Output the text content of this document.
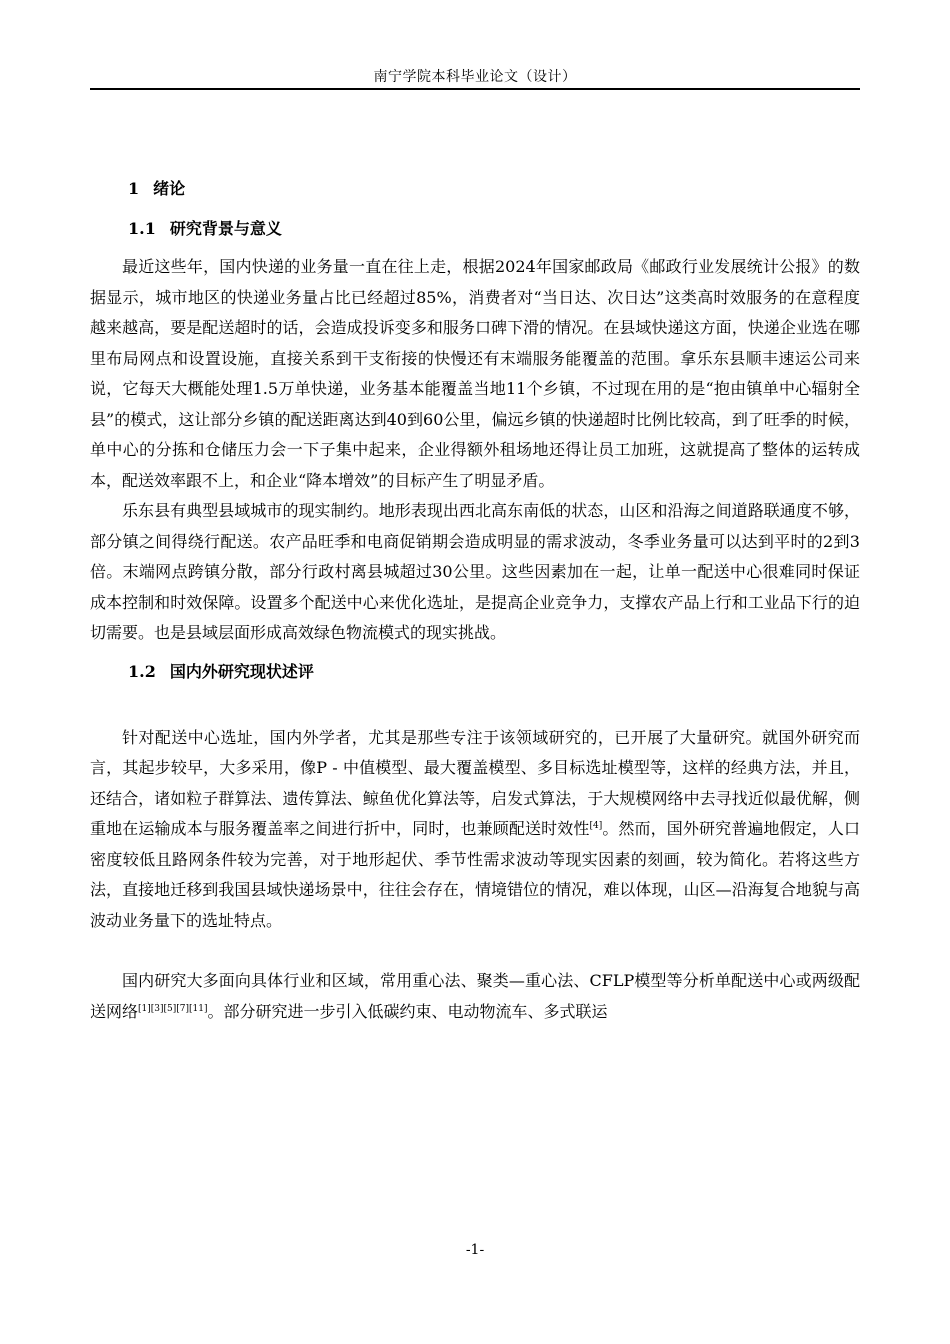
南宁学院本科毕业论文（设计）
1 绪论
1.1 研究背景与意义

最近这些年，国内快递的业务量一直在往上走，根据2024年国家邮政局《邮政行业发展统计公报》的数据显示，城市地区的快递业务量占比已经超过85%，消费者对“当日达、次日达”这类高时效服务的在意程度越来越高，要是配送超时的话，会造成投诉变多和服务口碑下滑的情况。在县域快递这方面，快递企业选在哪里布局网点和设置设施，直接关系到干支衔接的快慢还有末端服务能覆盖的范围。拿乐东县顺丰速运公司来说，它每天大概能处理1.5万单快递，业务基本能覆盖当地11个乡镇，不过现在用的是“抱由镇单中心辐射全县”的模式，这让部分乡镇的配送距离达到40到60公里，偏远乡镇的快递超时比例比较高，到了旺季的时候，单中心的分拣和仓储压力会一下子集中起来，企业得额外租场地还得让员工加班，这就提高了整体的运转成本，配送效率跟不上，和企业“降本增效”的目标产生了明显矛盾。

乐东县有典型县域城市的现实制约。地形表现出西北高东南低的状态，山区和沿海之间道路联通度不够，部分镇之间得绕行配送。农产品旺季和电商促销期会造成明显的需求波动，冬季业务量可以达到平时的2到3倍。末端网点跨镇分散，部分行政村离县城超过30公里。这些因素加在一起，让单一配送中心很难同时保证成本控制和时效保障。设置多个配送中心来优化选址，是提高企业竞争力，支撑农产品上行和工业品下行的迫切需要。也是县域层面形成高效绿色物流模式的现实挑战。

1.2 国内外研究现状述评

针对配送中心选址，国内外学者，尤其是那些专注于该领域研究的，已开展了大量研究。就国外研究而言，其起步较早，大多采用，像P - 中值模型、最大覆盖模型、多目标选址模型等，这样的经典方法，并且，还结合，诸如粒子群算法、遗传算法、鲸鱼优化算法等，启发式算法，于大规模网络中去寻找近似最优解，侧重地在运输成本与服务覆盖率之间进行折中，同时，也兼顾配送时效性[4]。然而，国外研究普遍地假定，人口密度较低且路网条件较为完善，对于地形起伏、季节性需求波动等现实因素的刻画，较为简化。若将这些方法，直接地迁移到我国县域快递场景中，往往会存在，情境错位的情况，难以体现，山区—沿海复合地貌与高波动业务量下的选址特点。

国内研究大多面向具体行业和区域，常用重心法、聚类—重心法、CFLP模型等分析单配送中心或两级配送网络[1][3][5][7][11]。部分研究进一步引入低碳约束、电动物流车、多式联运

-1-
